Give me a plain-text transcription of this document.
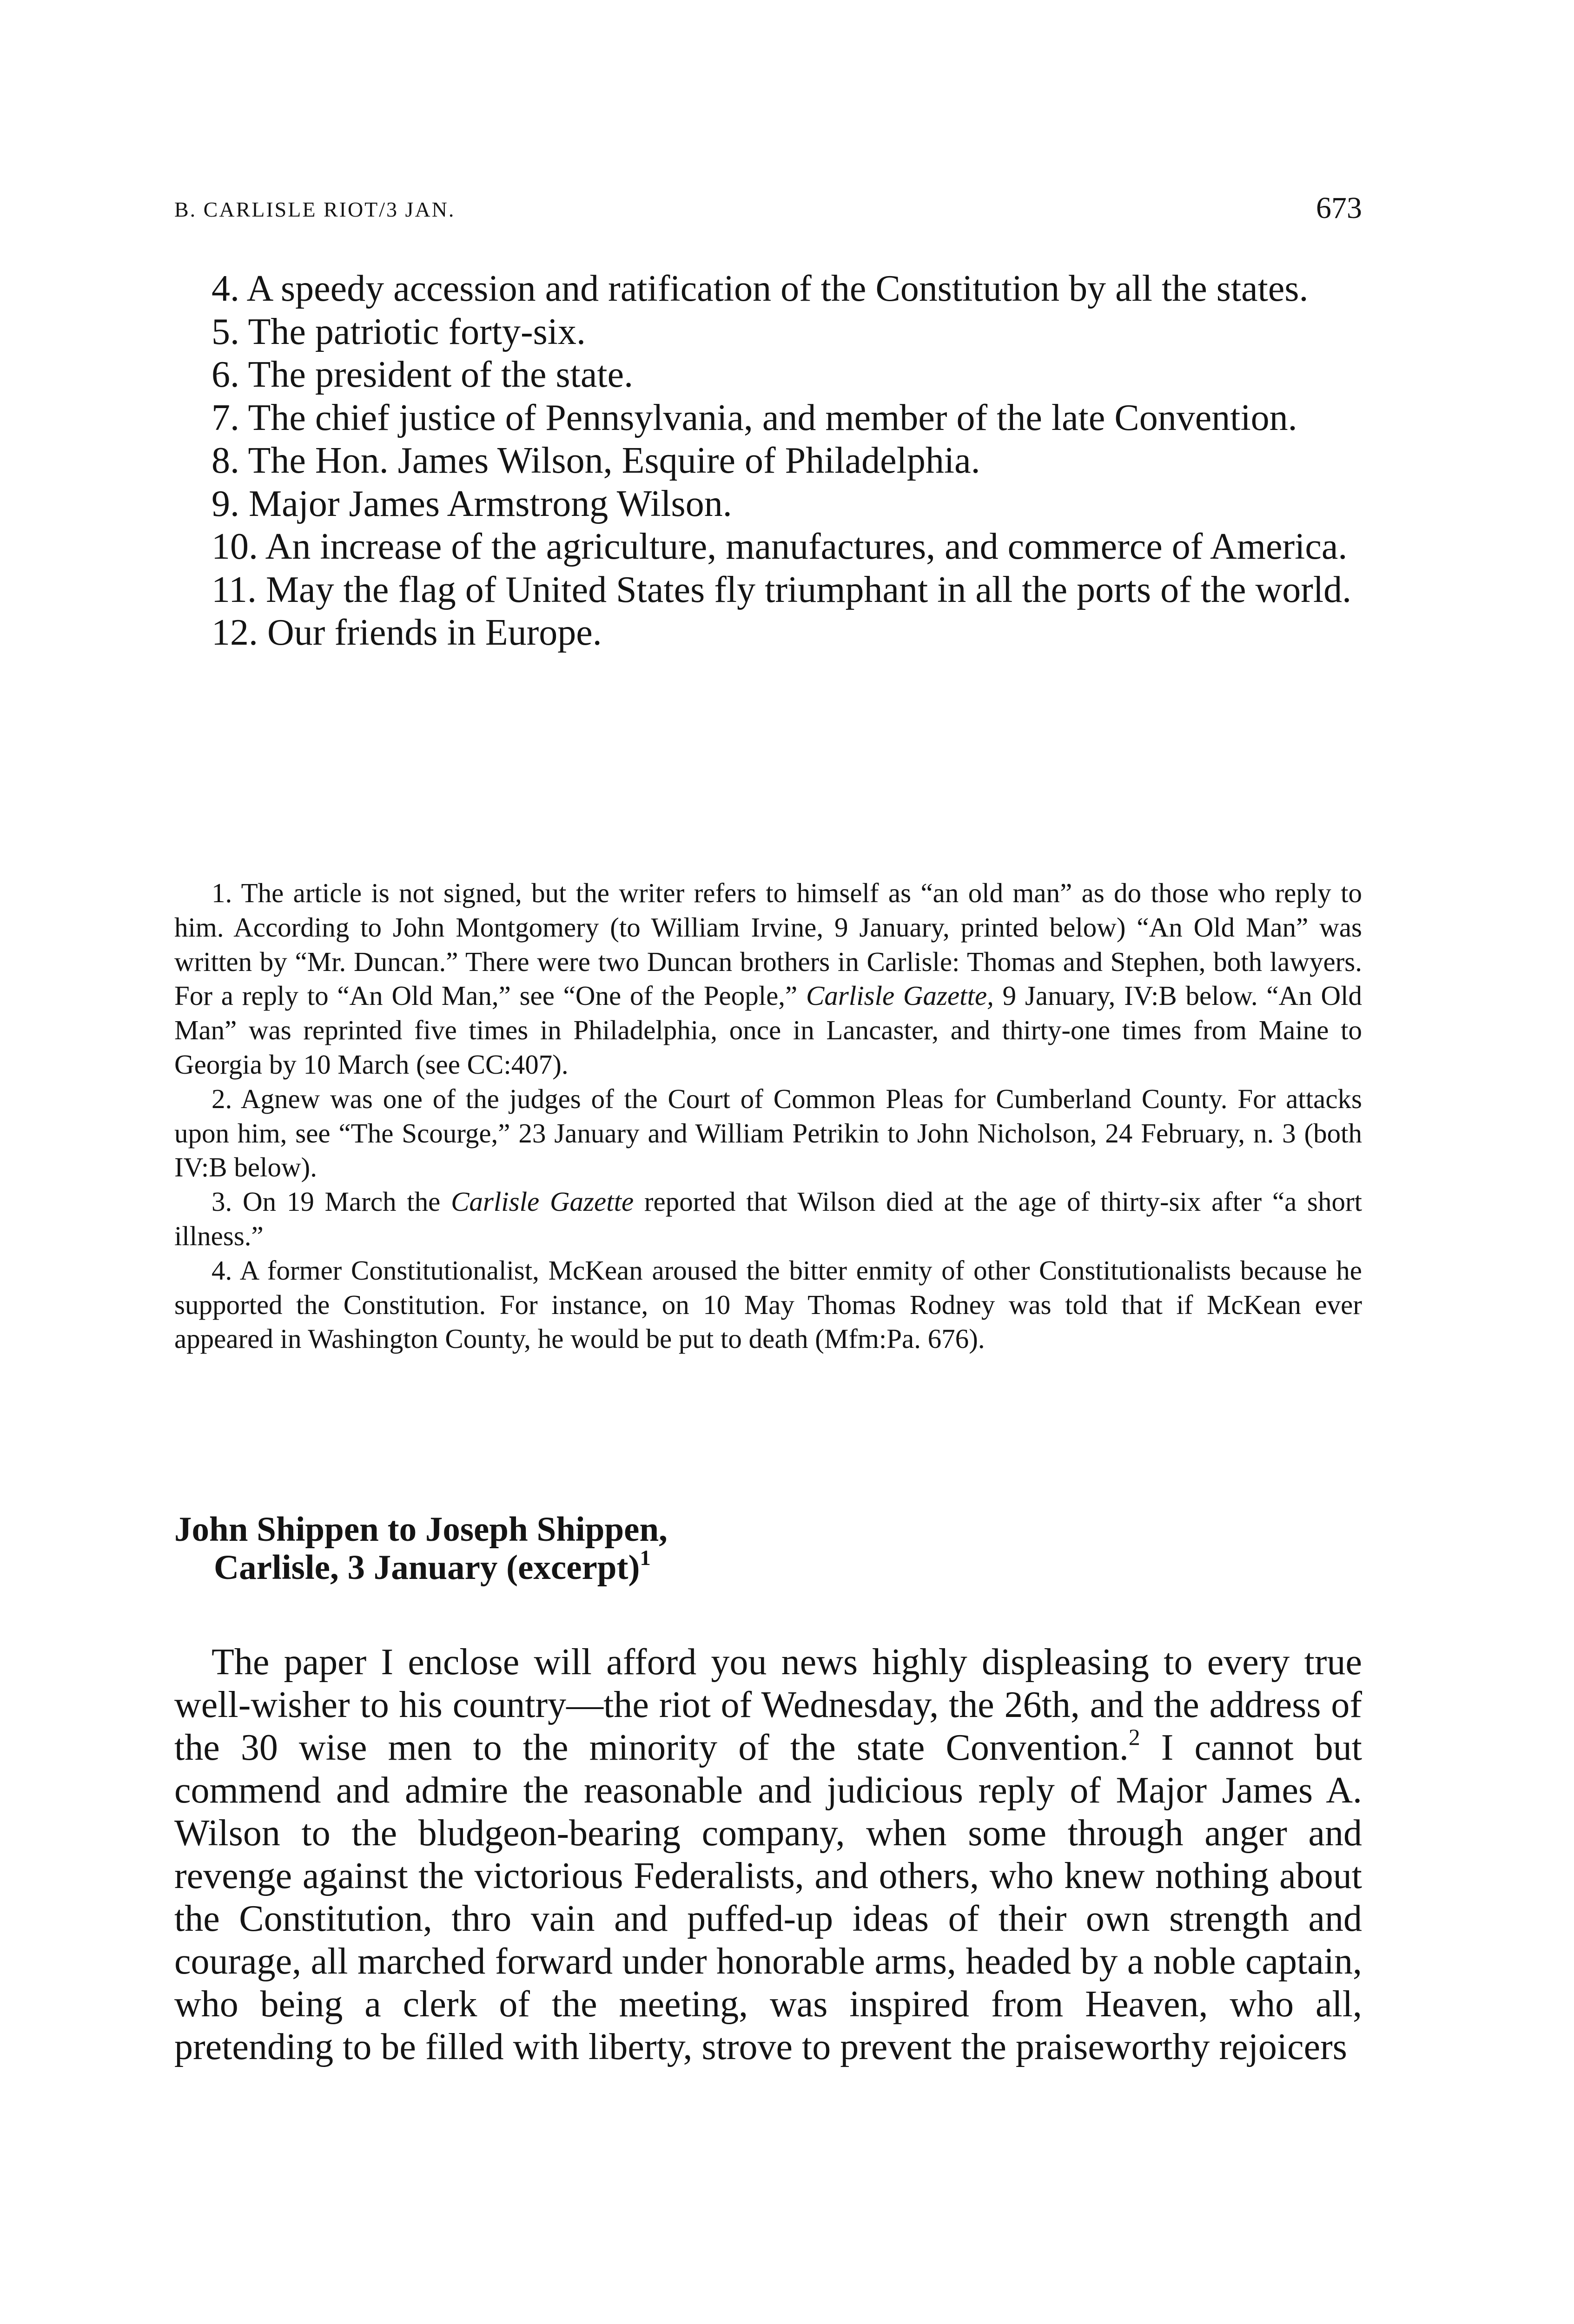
B. CARLISLE RIOT/3 JAN.	673
4. A speedy accession and ratification of the Constitution by all the states.
5. The patriotic forty-six.
6. The president of the state.
7. The chief justice of Pennsylvania, and member of the late Convention.
8. The Hon. James Wilson, Esquire of Philadelphia.
9. Major James Armstrong Wilson.
10. An increase of the agriculture, manufactures, and commerce of America.
11. May the flag of United States fly triumphant in all the ports of the world.
12. Our friends in Europe.

1. The article is not signed, but the writer refers to himself as “an old man” as do those who reply to him. According to John Montgomery (to William Irvine, 9 January, printed below) “An Old Man” was written by “Mr. Duncan.” There were two Duncan brothers in Carlisle: Thomas and Stephen, both lawyers. For a reply to “An Old Man,” see “One of the People,” Carlisle Gazette, 9 January, IV:B below. “An Old Man” was reprinted five times in Philadelphia, once in Lancaster, and thirty-one times from Maine to Georgia by 10 March (see CC:407).

2. Agnew was one of the judges of the Court of Common Pleas for Cumberland County. For attacks upon him, see “The Scourge,” 23 January and William Petrikin to John Nicholson, 24 February, n. 3 (both IV:B below).

3. On 19 March the Carlisle Gazette reported that Wilson died at the age of thirty-six after “a short illness.”

4. A former Constitutionalist, McKean aroused the bitter enmity of other Constitutionalists because he supported the Constitution. For instance, on 10 May Thomas Rodney was told that if McKean ever appeared in Washington County, he would be put to death (Mfm:Pa. 676).

John Shippen to Joseph Shippen,
Carlisle, 3 January (excerpt)$^1$

The paper I enclose will afford you news highly displeasing to every true well-wisher to his country—the riot of Wednesday, the 26th, and the address of the 30 wise men to the minority of the state Convention.$^2$ I cannot but commend and admire the reasonable and judicious reply of Major James A. Wilson to the bludgeon-bearing company, when some through anger and revenge against the victorious Federalists, and others, who knew nothing about the Constitution, thro vain and puffed-up ideas of their own strength and courage, all marched forward under honorable arms, headed by a noble captain, who being a clerk of the meeting, was inspired from Heaven, who all, pretending to be filled with liberty, strove to prevent the praiseworthy rejoicers
